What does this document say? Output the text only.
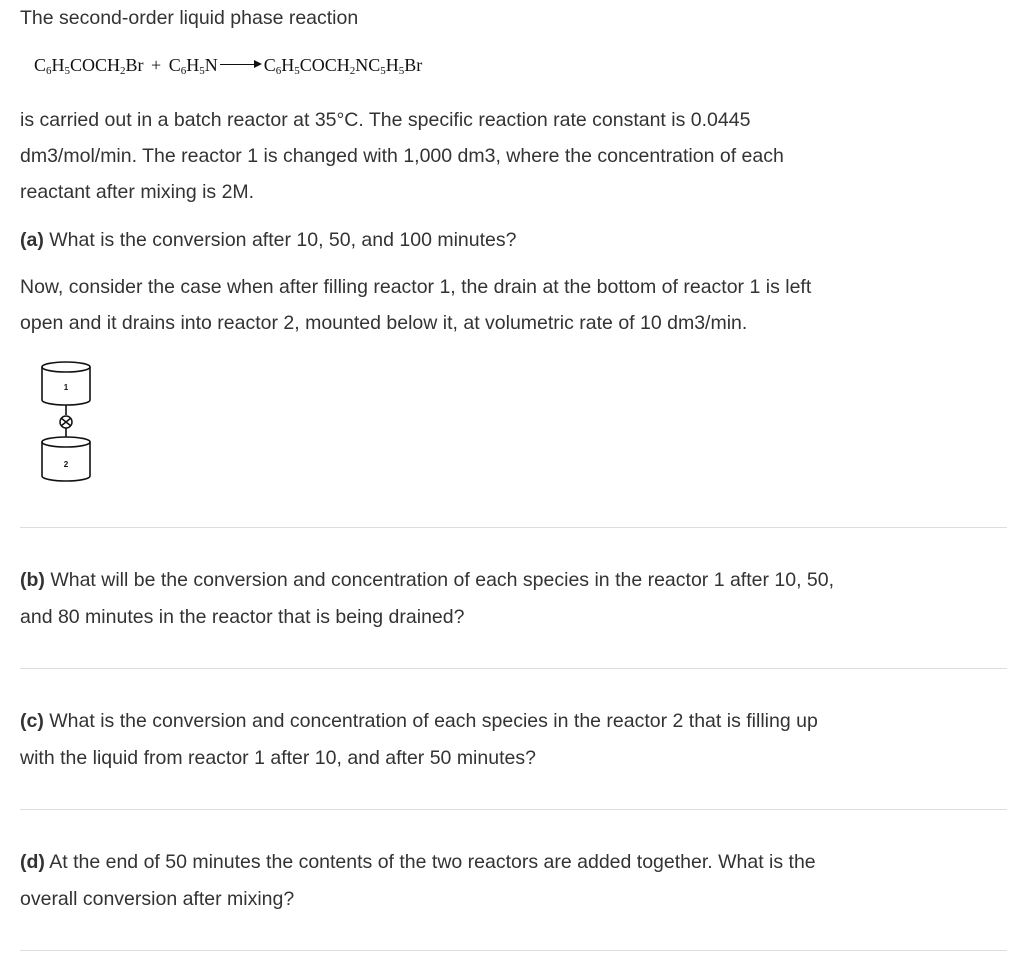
The second-order liquid phase reaction

is carried out in a batch reactor at 35°C. The specific reaction rate constant is 0.0445
dm3/mol/min. The reactor 1 is changed with 1,000 dm3, where the concentration of each
reactant after mixing is 2M.

(a) What is the conversion after 10, 50, and 100 minutes?

Now, consider the case when after filling reactor 1, the drain at the bottom of reactor 1 is left
open and it drains into reactor 2, mounted below it, at volumetric rate of 10 dm3/min.

(b) What will be the conversion and concentration of each species in the reactor 1 after 10, 50,
and 80 minutes in the reactor that is being drained?

(c) What is the conversion and concentration of each species in the reactor 2 that is filling up
with the liquid from reactor 1 after 10, and after 50 minutes?

(d) At the end of 50 minutes the contents of the two reactors are added together. What is the
overall conversion after mixing?

$C_6H_5COCH_2Br + C_6H_5N$	$C_6H_5COCH_2NC_5H_5Br$
1
2
